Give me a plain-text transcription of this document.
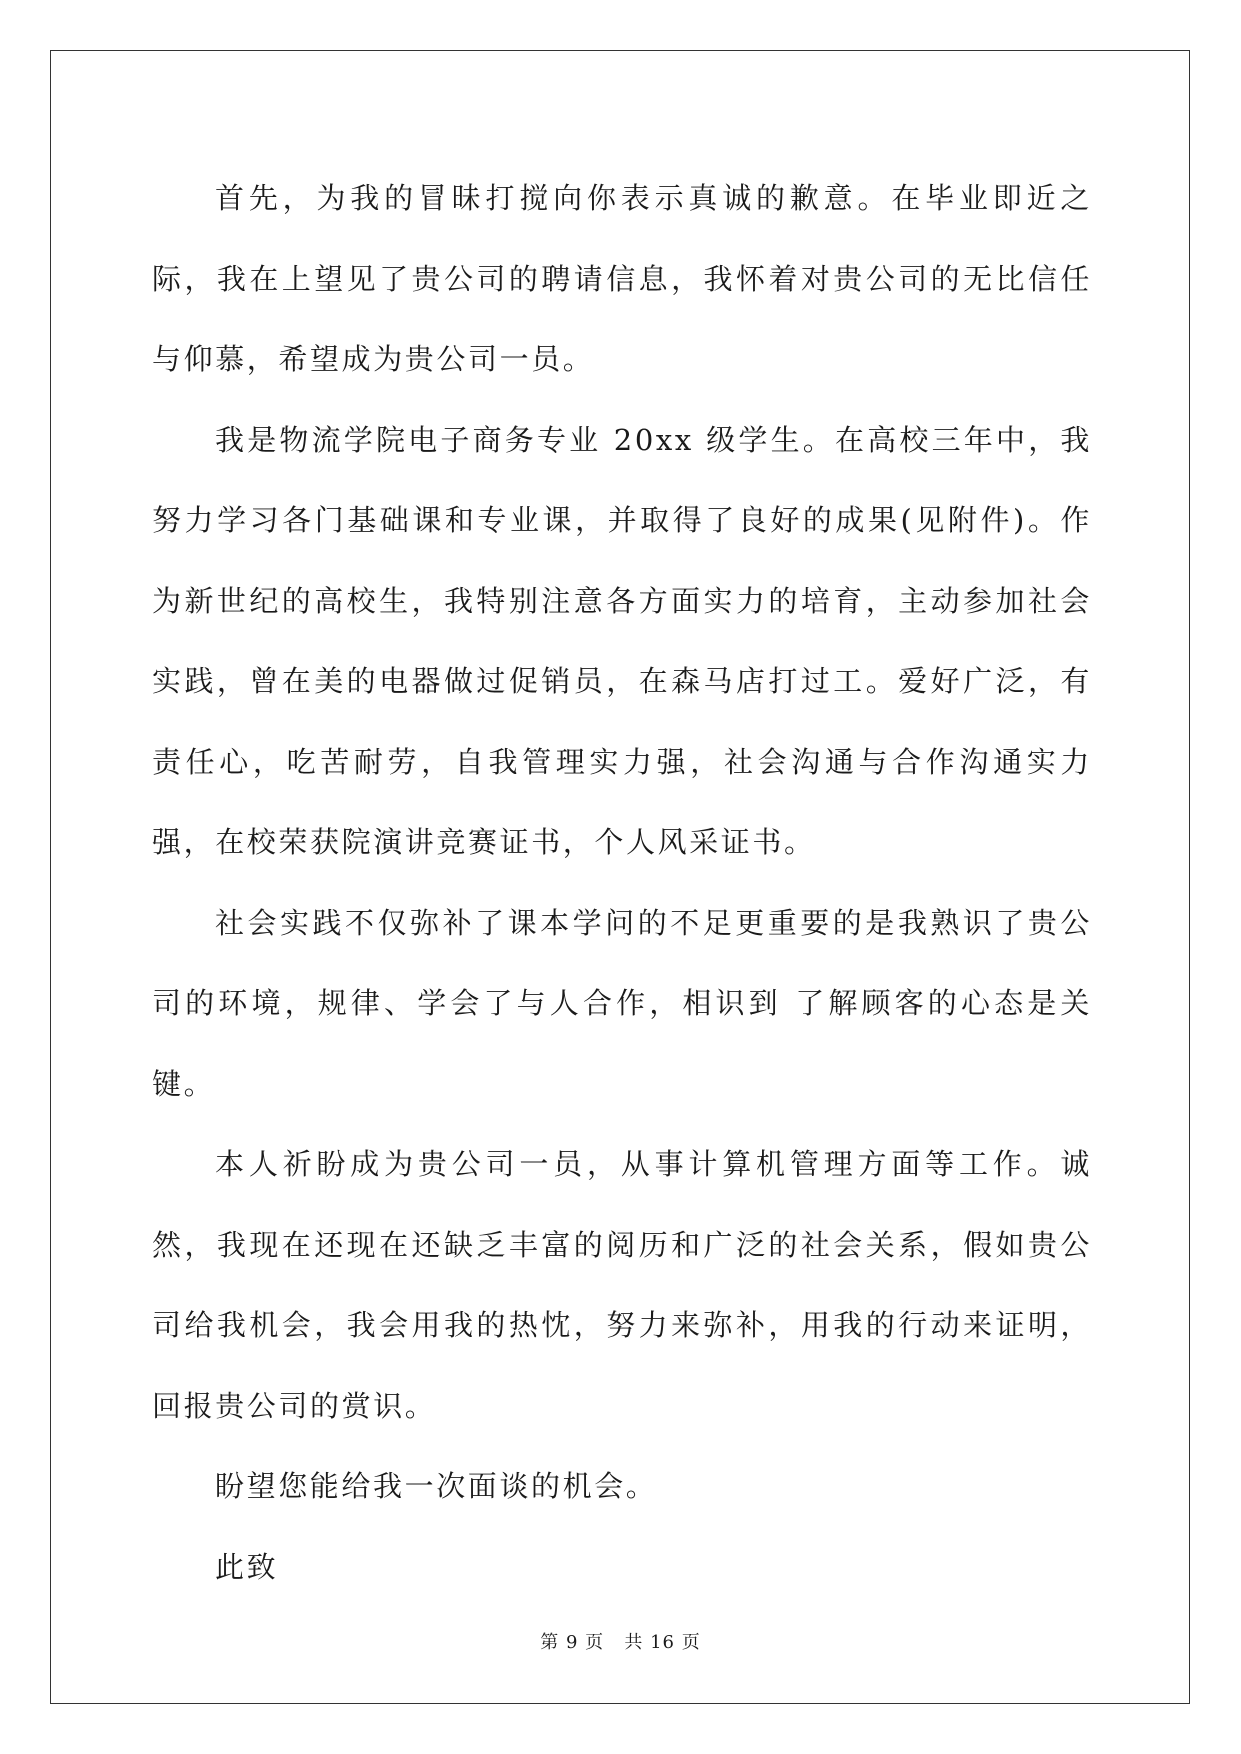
首先，为我的冒昧打搅向你表示真诚的歉意。在毕业即近之际，我在上望见了贵公司的聘请信息，我怀着对贵公司的无比信任与仰慕，希望成为贵公司一员。

我是物流学院电子商务专业 20xx 级学生。在高校三年中，我努力学习各门基础课和专业课，并取得了良好的成果(见附件)。作为新世纪的高校生，我特别注意各方面实力的培育，主动参加社会实践，曾在美的电器做过促销员，在森马店打过工。爱好广泛，有责任心，吃苦耐劳，自我管理实力强，社会沟通与合作沟通实力强，在校荣获院演讲竞赛证书，个人风采证书。

社会实践不仅弥补了课本学问的不足更重要的是我熟识了贵公司的环境，规律、学会了与人合作，相识到 了解顾客的心态是关键。

本人祈盼成为贵公司一员，从事计算机管理方面等工作。诚然，我现在还现在还缺乏丰富的阅历和广泛的社会关系，假如贵公司给我机会，我会用我的热忱，努力来弥补，用我的行动来证明，回报贵公司的赏识。

盼望您能给我一次面谈的机会。

此致

第 9 页 共 16 页
